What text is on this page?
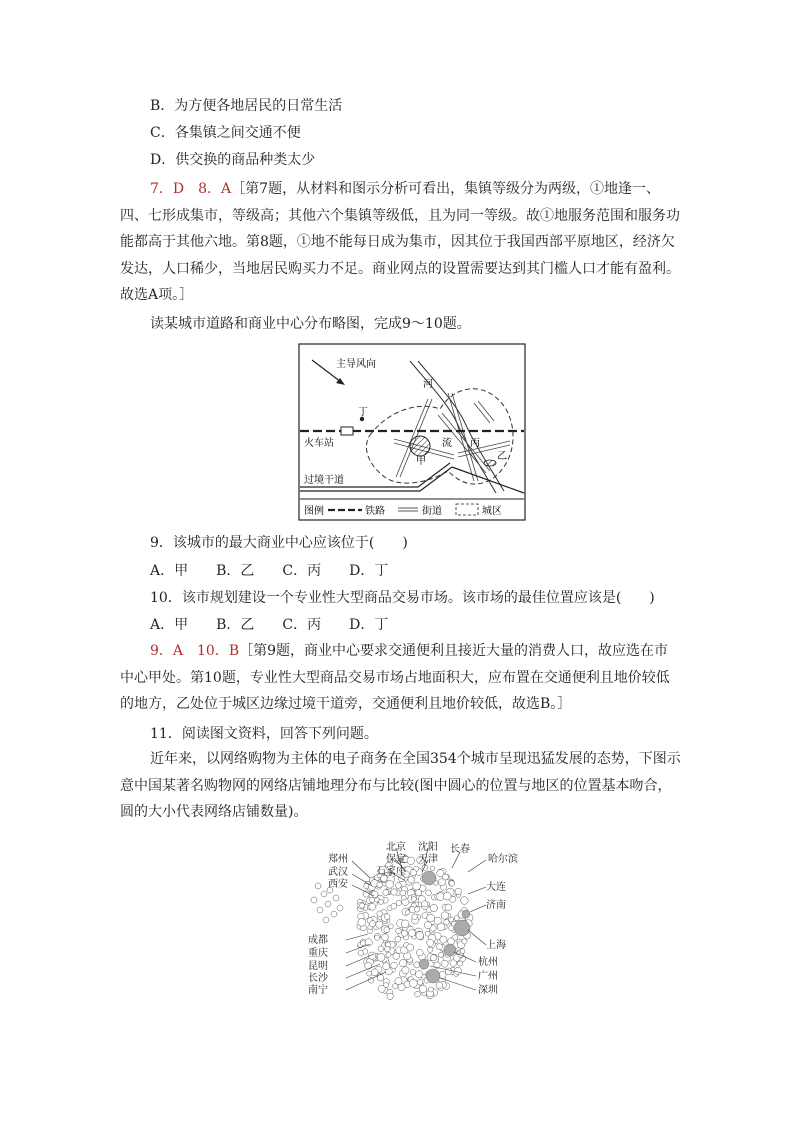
B．为方便各地居民的日常生活
C．各集镇之间交通不便
D．供交换的商品种类太少
7．D　8．A［第7题，从材料和图示分析可看出，集镇等级分为两级，①地逢一、四、七形成集市，等级高；其他六个集镇等级低，且为同一等级。故①地服务范围和服务功能都高于其他六地。第8题，①地不能每日成为集市，因其位于我国西部平原地区，经济欠发达，人口稀少，当地居民购买力不足。商业网点的设置需要达到其门槛人口才能有盈利。故选A项。］
读某城市道路和商业中心分布略图，完成9～10题。
主导风向
河
流
火车站
过境干道
丁
甲
丙
乙
图例	铁路	街道	城区
9．该城市的最大商业中心应该位于(　　)
A．甲　　B．乙　　C．丙　　D．丁
10．该市规划建设一个专业性大型商品交易市场。该市场的最佳位置应该是(　　)
A．甲　　B．乙　　C．丙　　D．丁
9．A　10．B［第9题，商业中心要求交通便利且接近大量的消费人口，故应选在市中心甲处。第10题，专业性大型商品交易市场占地面积大，应布置在交通便利且地价较低的地方，乙处位于城区边缘过境干道旁，交通便利且地价较低，故选B。］
11．阅读图文资料，回答下列问题。
近年来，以网络购物为主体的电子商务在全国354个城市呈现迅猛发展的态势，下图示意中国某著名购物网的网络店铺地理分布与比较(图中圆心的位置与地区的位置基本吻合，圆的大小代表网络店铺数量)。
郑州
武汉
西安
北京
保定
石家庄
沈阳
天津
长春
哈尔滨
大连
济南
上海
杭州
广州
深圳
成都
重庆
昆明
长沙
南宁
